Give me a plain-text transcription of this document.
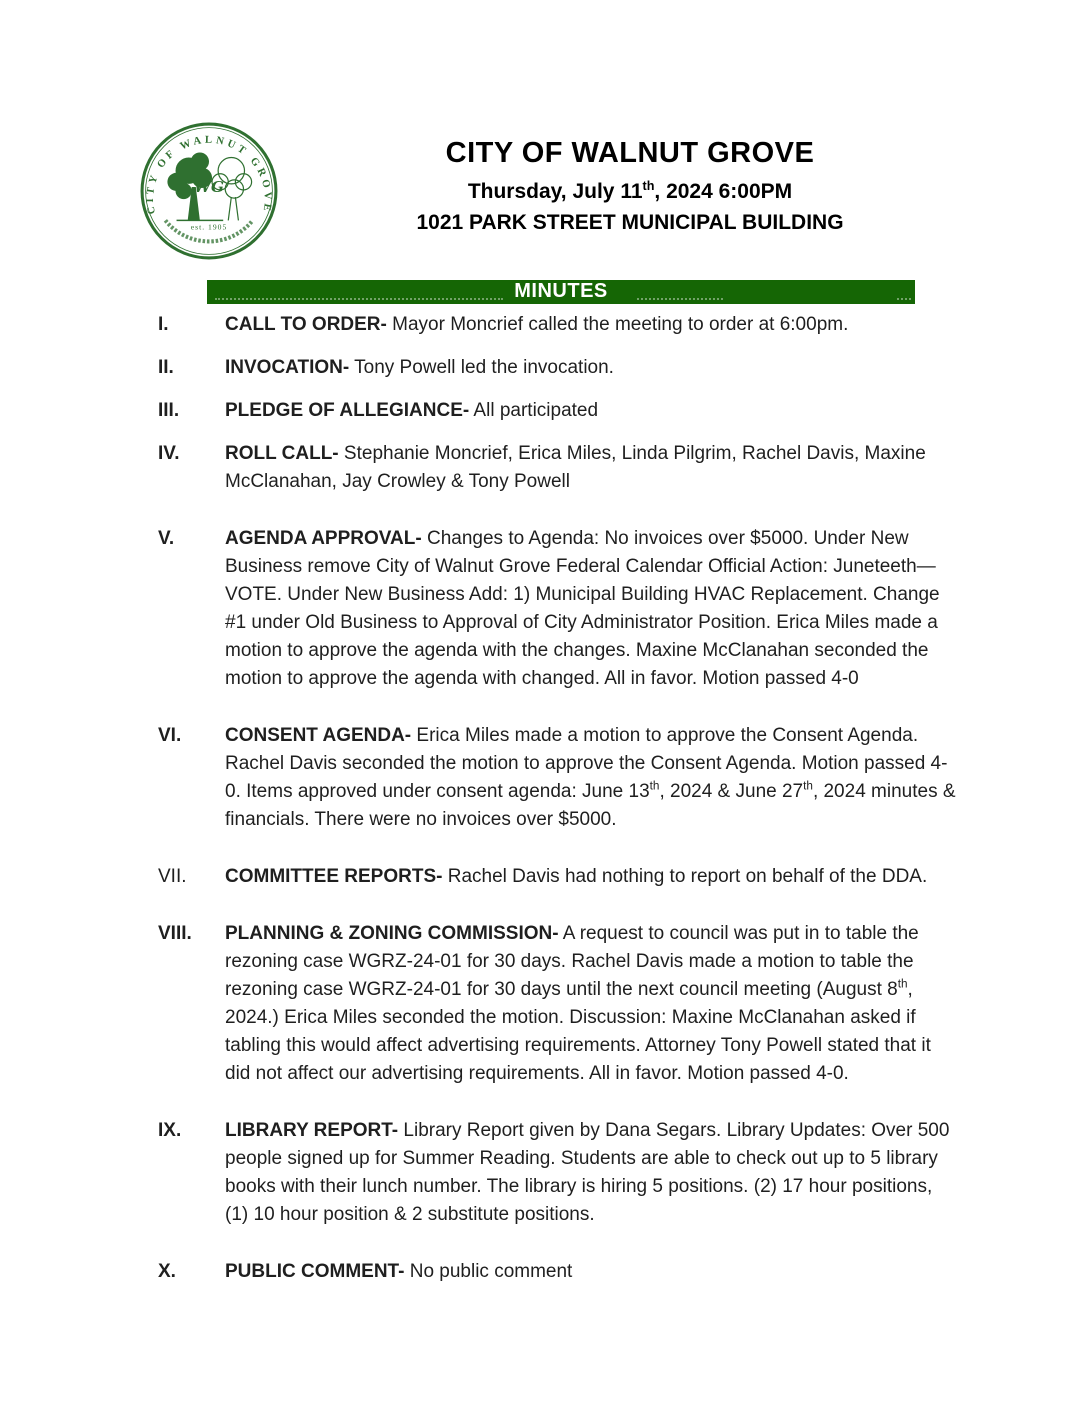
CITY OF WALNUT GROVE
WG
est. 1905
CITY OF WALNUT GROVE
Thursday, July 11th, 2024 6:00PM
1021 PARK STREET MUNICIPAL BUILDING
MINUTES
I.	CALL TO ORDER- Mayor Moncrief called the meeting to order at 6:00pm.
II.	INVOCATION- Tony Powell led the invocation.
III.	PLEDGE OF ALLEGIANCE- All participated
IV.	ROLL CALL- Stephanie Moncrief, Erica Miles, Linda Pilgrim, Rachel Davis, Maxine McClanahan, Jay Crowley & Tony Powell
V.	AGENDA APPROVAL- Changes to Agenda: No invoices over $5000. Under New Business remove City of Walnut Grove Federal Calendar Official Action: Juneteeth—VOTE. Under New Business Add: 1) Municipal Building HVAC Replacement. Change #1 under Old Business to Approval of City Administrator Position. Erica Miles made a motion to approve the agenda with the changes. Maxine McClanahan seconded the motion to approve the agenda with changed. All in favor. Motion passed 4-0
VI.	CONSENT AGENDA- Erica Miles made a motion to approve the Consent Agenda. Rachel Davis seconded the motion to approve the Consent Agenda. Motion passed 4-0. Items approved under consent agenda: June 13th, 2024 & June 27th, 2024 minutes & financials. There were no invoices over $5000.
VII.	COMMITTEE REPORTS- Rachel Davis had nothing to report on behalf of the DDA.
VIII.	PLANNING & ZONING COMMISSION- A request to council was put in to table the rezoning case WGRZ-24-01 for 30 days. Rachel Davis made a motion to table the rezoning case WGRZ-24-01 for 30 days until the next council meeting (August 8th, 2024.) Erica Miles seconded the motion. Discussion: Maxine McClanahan asked if tabling this would affect advertising requirements. Attorney Tony Powell stated that it did not affect our advertising requirements. All in favor. Motion passed 4-0.
IX.	LIBRARY REPORT- Library Report given by Dana Segars. Library Updates: Over 500 people signed up for Summer Reading. Students are able to check out up to 5 library books with their lunch number. The library is hiring 5 positions. (2) 17 hour positions, (1) 10 hour position & 2 substitute positions.
X.	PUBLIC COMMENT- No public comment
